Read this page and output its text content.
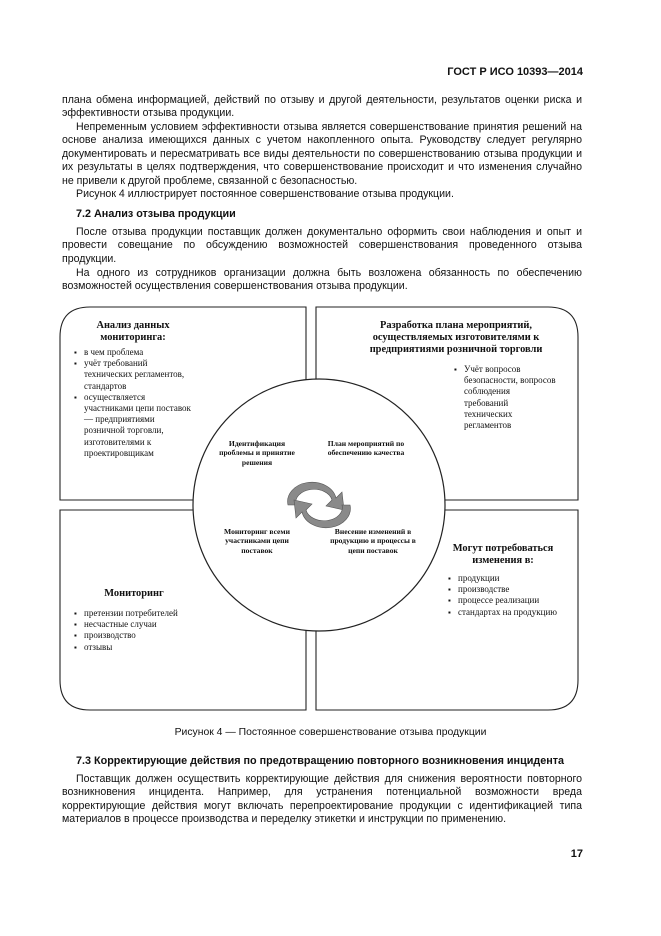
ГОСТ Р ИСО 10393—2014

плана обмена информацией, действий по отзыву и другой деятельности, результатов оценки риска и эффективности отзыва продукции.

Непременным условием эффективности отзыва является совершенствование принятия решений на основе анализа имеющихся данных с учетом накопленного опыта. Руководству следует регулярно документировать и пересматривать все виды деятельности по совершенствованию отзыва продукции и их результаты в целях подтверждения, что совершенствование происходит и что изменения случайно не привели к другой проблеме, связанной с безопасностью.

Рисунок 4 иллюстрирует постоянное совершенствование отзыва продукции.

7.2 Анализ отзыва продукции

После отзыва продукции поставщик должен документально оформить свои наблюдения и опыт и провести совещание по обсуждению возможностей совершенствования проведенного отзыва продукции.

На одного из сотрудников организации должна быть возложена обязанность по обеспечению возможностей осуществления совершенствования отзыва продукции.

Анализ данных мониторинга:
▪ в чем проблема
▪ учёт требований технических регламентов, стандартов
▪ осуществляется участниками цепи поставок — предприятиями розничной торговли, изготовителями к проектировщикам
Разработка плана мероприятий, осуществляемых изготовителями к предприятиями розничной торговли
▪ Учёт вопросов безопасности, вопросов соблюдения требований технических регламентов
Мониторинг
▪ претензии потребителей
▪ несчастные случаи
▪ производство
▪ отзывы
Могут потребоваться изменения в:
▪ продукции
▪ производстве
▪ процессе реализации
▪ стандартах на продукцию
Идентификация проблемы и принятие решения
План мероприятий по обеспечению качества
Мониторинг всеми участниками цепи поставок
Внесение изменений в продукцию и процессы в цепи поставок
Рисунок 4 — Постоянное совершенствование отзыва продукции
7.3 Корректирующие действия по предотвращению повторного возникновения инцидента

Поставщик должен осуществить корректирующие действия для снижения вероятности повторного возникновения инцидента. Например, для устранения потенциальной возможности вреда корректирующие действия могут включать перепроектирование продукции с идентификацией типа материалов в процессе производства и переделку этикетки и инструкции по применению.

17
